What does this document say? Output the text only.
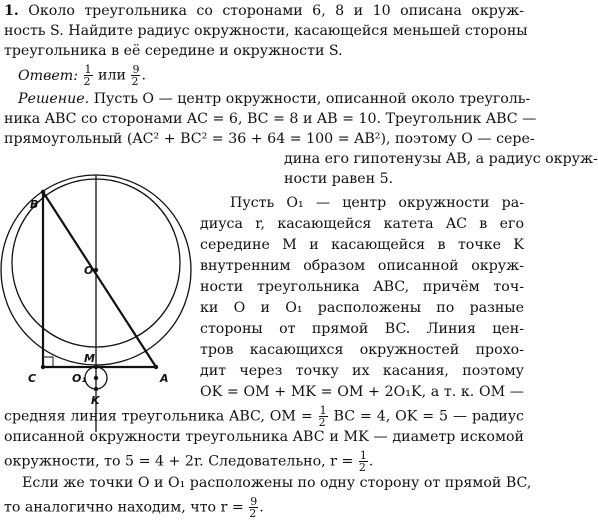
1. Около треугольника со сторонами 6, 8 и 10 описана окруж-
ность S. Найдите радиус окружности, касающейся меньшей стороны
треугольника в её середине и окружности S.
Ответ: $\frac{1}{2}$ или $\frac{9}{2}$ .
Решение. Пусть O — центр окружности, описанной около треуголь-
ника ABC со сторонами AC = 6, BC = 8 и AB = 10. Треугольник ABC —
прямоугольный (AC² + BC² = 36 + 64 = 100 = AB²), поэтому O — сере-
дина его гипотенузы AB, а радиус окруж-
ности равен 5.
Пусть O₁ — центр окружности ра-
диуса r, касающейся катета AC в его
середине M и касающейся в точке K
внутренним образом описанной окруж-
ности треугольника ABC, причём точ-
ки O и O₁ расположены по разные
стороны от прямой BC. Линия цен-
тров касающихся окружностей прохо-
дит через точку их касания, поэтому
OK = OM + MK = OM + 2O₁K, а т. к. OM —
средняя линия треугольника ABC, OM = $\frac{1}{2}$ BC = 4, OK = 5 — радиус
описанной окружности треугольника ABC и MK — диаметр искомой
окружности, то 5 = 4 + 2r. Следовательно, $r = \frac{1}{2}$ .
Если же точки O и O₁ расположены по одну сторону от прямой BC,
то аналогично находим, что $r = \frac{9}{2}$ .
B
C	A
O
M
O₁
K
